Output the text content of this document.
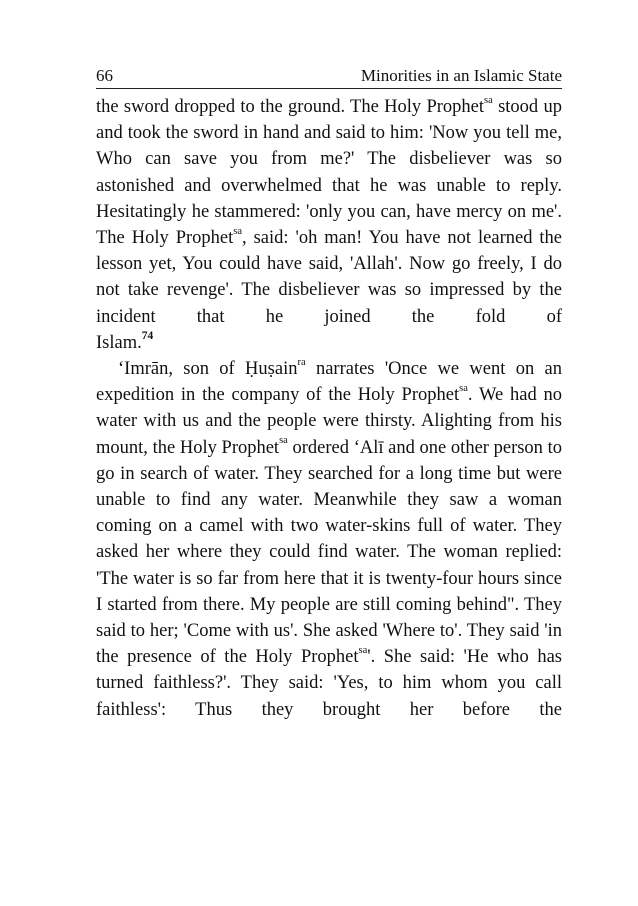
66	Minorities in an Islamic State

the sword dropped to the ground. The Holy Prophet$^{sa}$ stood up and took the sword in hand and said to him: 'Now you tell me, Who can save you from me?' The disbeliever was so astonished and overwhelmed that he was unable to reply. Hesitatingly he stammered: 'only you can, have mercy on me'. The Holy Prophet$^{sa}$, said: 'oh man! You have not learned the lesson yet, You could have said, 'Allah'. Now go freely, I do not take revenge'. The disbeliever was so impressed by the incident that he joined the fold of

Islam.$^{74}$

‘Imrān, son of Ḥuṣain$^{ra}$ narrates 'Once we went on an expedition in the company of the Holy Prophet$^{sa}$. We had no water with us and the people were thirsty. Alighting from his mount, the Holy Prophet$^{sa}$ ordered ‘Alī and one other person to go in search of water. They searched for a long time but were unable to find any water. Meanwhile they saw a woman coming on a camel with two water-skins full of water. They asked her where they could find water. The woman replied: 'The water is so far from here that it is twenty-four hours since I started from there. My people are still coming behind". They said to her; 'Come with us'. She asked 'Where to'. They said 'in the presence of the Holy Prophet$^{sa}$'. She said: 'He who has turned faithless?'. They said: 'Yes, to him whom you call faithless': Thus they brought her before the
